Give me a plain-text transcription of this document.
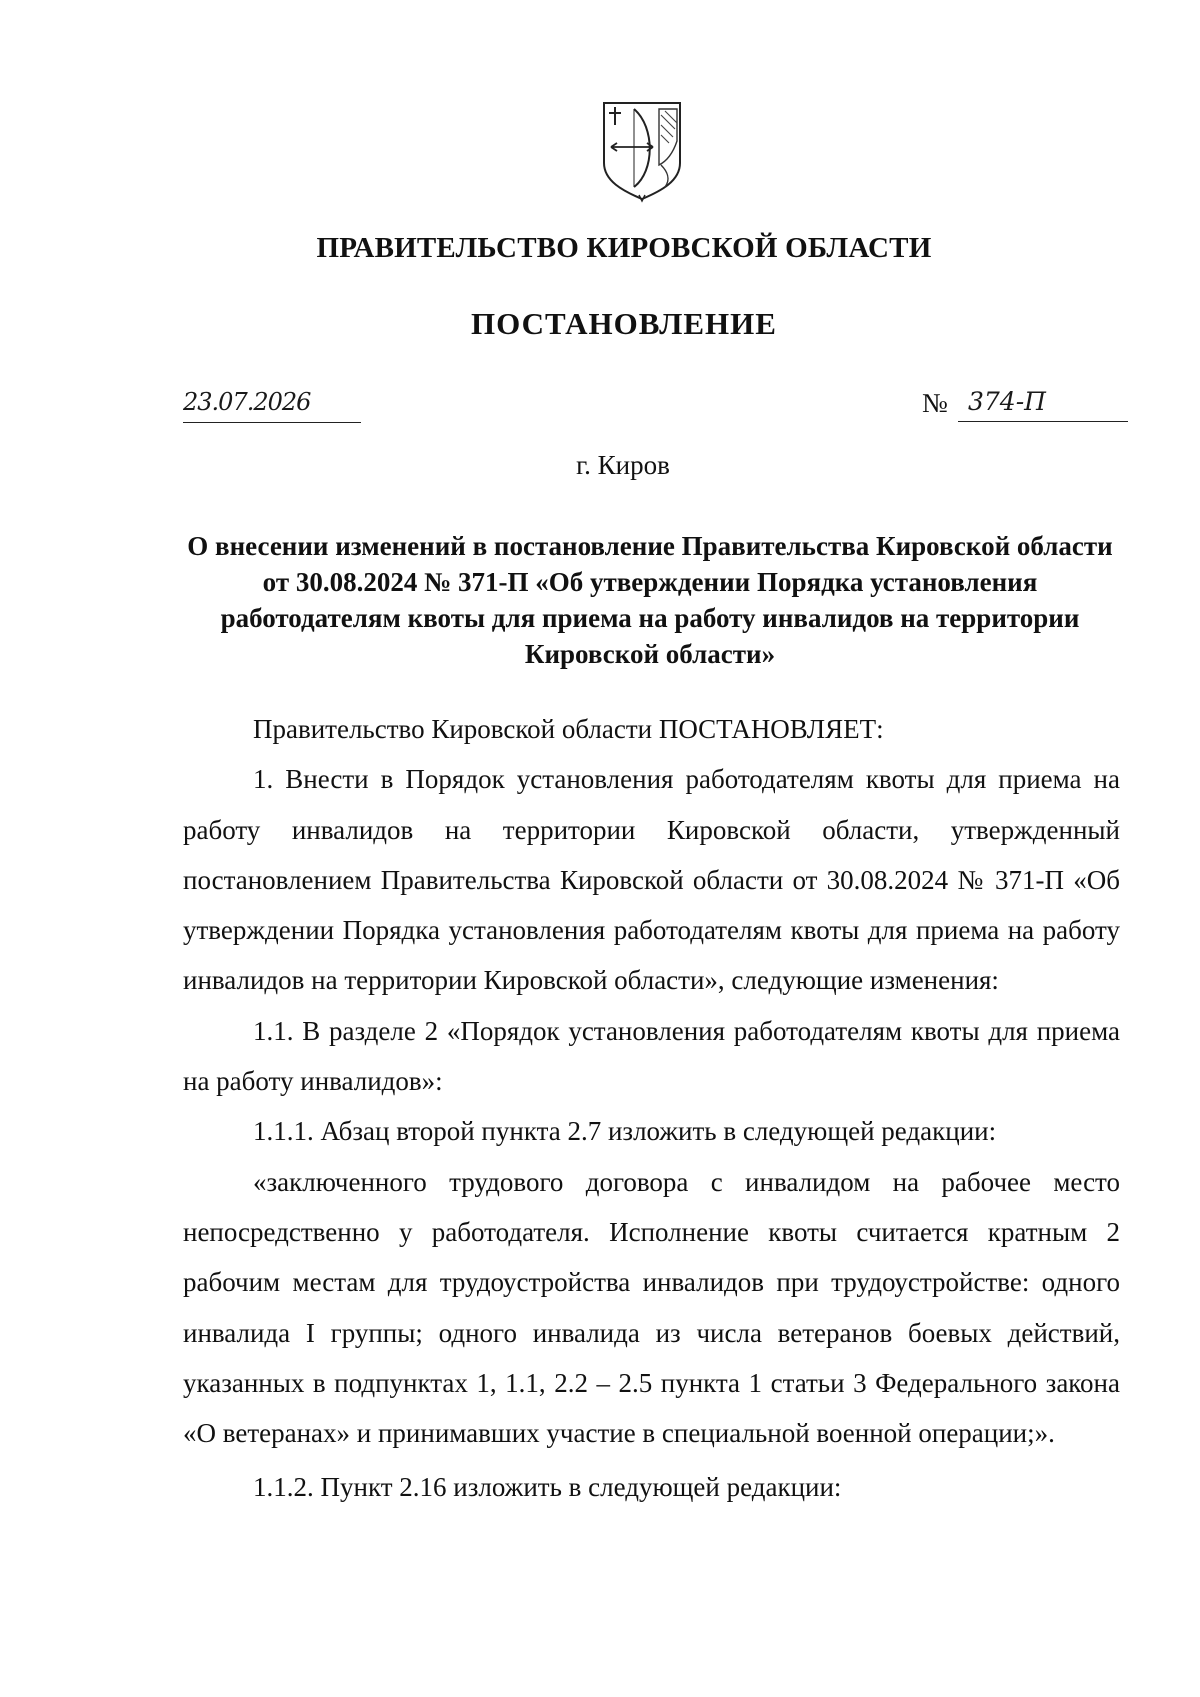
ПРАВИТЕЛЬСТВО КИРОВСКОЙ ОБЛАСТИ
ПОСТАНОВЛЕНИЕ
23.07.2026	№ 374-П
г. Киров
О внесении изменений в постановление Правительства Кировской области от 30.08.2024 № 371-П «Об утверждении Порядка установления работодателям квоты для приема на работу инвалидов на территории Кировской области»

Правительство Кировской области ПОСТАНОВЛЯЕТ:

1. Внести в Порядок установления работодателям квоты для приема на работу инвалидов на территории Кировской области, утвержденный постановлением Правительства Кировской области от 30.08.2024 № 371-П «Об утверждении Порядка установления работодателям квоты для приема на работу инвалидов на территории Кировской области», следующие изменения:

1.1. В разделе 2 «Порядок установления работодателям квоты для приема на работу инвалидов»:

1.1.1. Абзац второй пункта 2.7 изложить в следующей редакции:

«заключенного трудового договора с инвалидом на рабочее место непосредственно у работодателя. Исполнение квоты считается кратным 2 рабочим местам для трудоустройства инвалидов при трудоустройстве: одного инвалида I группы; одного инвалида из числа ветеранов боевых действий, указанных в подпунктах 1, 1.1, 2.2 – 2.5 пункта 1 статьи 3 Федерального закона «О ветеранах» и принимавших участие в специальной военной операции;».

1.1.2. Пункт 2.16 изложить в следующей редакции:
